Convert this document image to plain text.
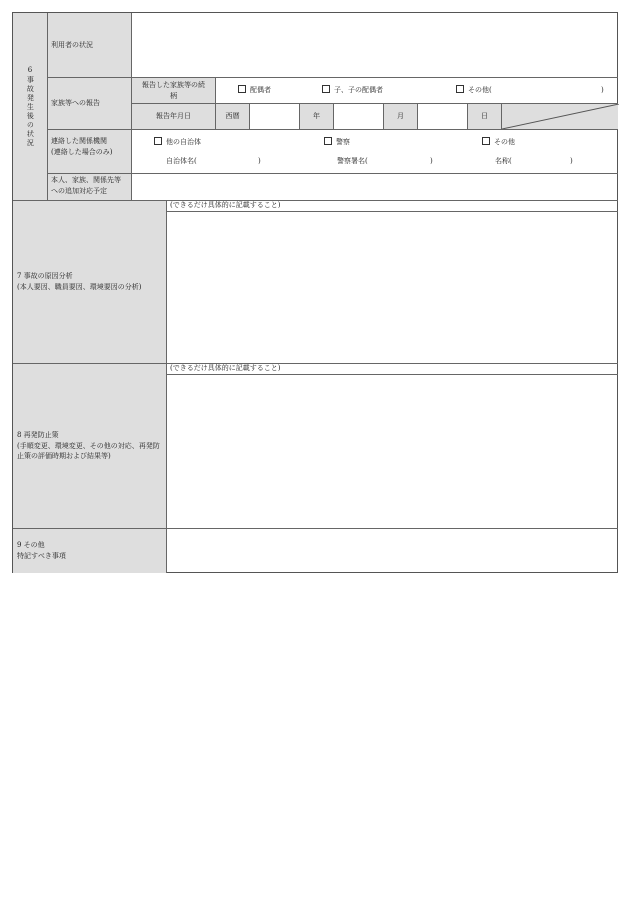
6
事故発生後の状況
利用者の状況
家族等への報告
報告した家族等の続柄
配偶者	子、子の配偶者	その他(	)
報告年月日	西暦	年	月	日
連絡した関係機関
(連絡した場合のみ)
他の自治体	警察	その他
自治体名(	)	警察署名(	)	名称(	)
本人、家族、関係先等
への追加対応予定
7 事故の原因分析
(本人要因、職員要因、環境要因の分析)
(できるだけ具体的に記載すること)
8 再発防止策
(手順変更、環境変更、その他の対応、再発防止策の評価時期および結果等)
(できるだけ具体的に記載すること)
9 その他
特記すべき事項
